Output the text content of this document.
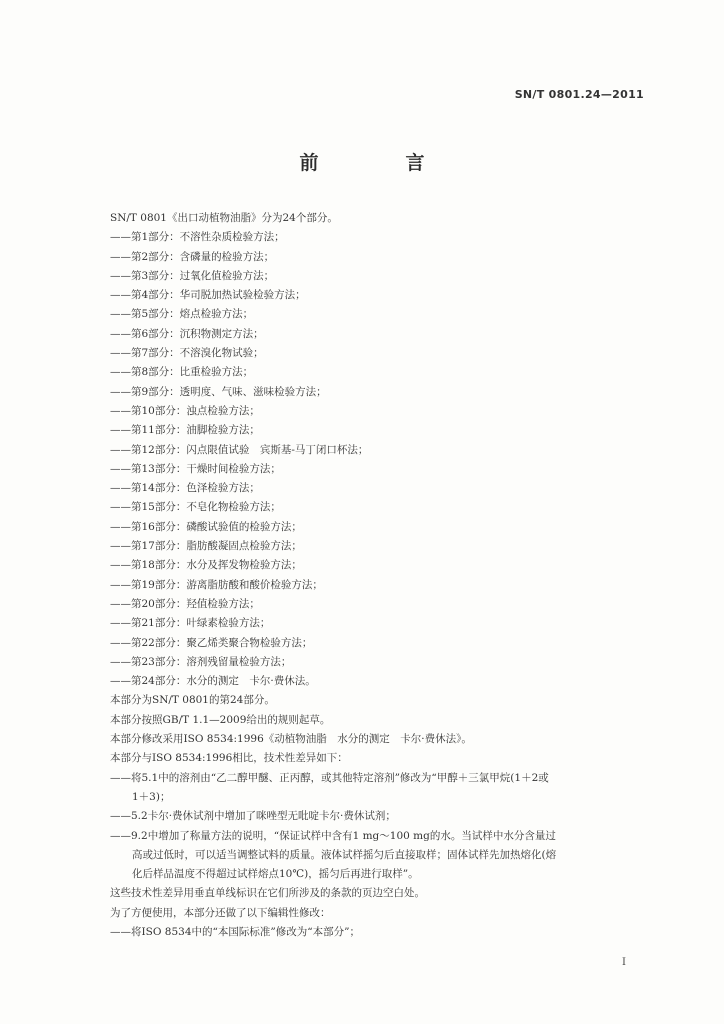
SN/T 0801.24—2011
前　言
SN/T 0801《出口动植物油脂》分为24个部分。
——第1部分：不溶性杂质检验方法；
——第2部分：含磷量的检验方法；
——第3部分：过氧化值检验方法；
——第4部分：华司脱加热试验检验方法；
——第5部分：熔点检验方法；
——第6部分：沉积物测定方法；
——第7部分：不溶溴化物试验；
——第8部分：比重检验方法；
——第9部分：透明度、气味、滋味检验方法；
——第10部分：浊点检验方法；
——第11部分：油脚检验方法；
——第12部分：闪点限值试验　宾斯基-马丁闭口杯法；
——第13部分：干燥时间检验方法；
——第14部分：色泽检验方法；
——第15部分：不皂化物检验方法；
——第16部分：磷酸试验值的检验方法；
——第17部分：脂肪酸凝固点检验方法；
——第18部分：水分及挥发物检验方法；
——第19部分：游离脂肪酸和酸价检验方法；
——第20部分：羟值检验方法；
——第21部分：叶绿素检验方法；
——第22部分：聚乙烯类聚合物检验方法；
——第23部分：溶剂残留量检验方法；
——第24部分：水分的测定　卡尔·费休法。
本部分为SN/T 0801的第24部分。
本部分按照GB/T 1.1—2009给出的规则起草。
本部分修改采用ISO 8534:1996《动植物油脂　水分的测定　卡尔·费休法》。
本部分与ISO 8534:1996相比，技术性差异如下：
——将5.1中的溶剂由“乙二醇甲醚、正丙醇，或其他特定溶剂”修改为“甲醇＋三氯甲烷(1＋2或
1＋3)；
——5.2卡尔·费休试剂中增加了咪唑型无吡啶卡尔·费休试剂；
——9.2中增加了称量方法的说明，“保证试样中含有1 mg～100 mg的水。当试样中水分含量过
高或过低时，可以适当调整试料的质量。液体试样摇匀后直接取样；固体试样先加热熔化(熔
化后样品温度不得超过试样熔点10℃)，摇匀后再进行取样”。
这些技术性差异用垂直单线标识在它们所涉及的条款的页边空白处。
为了方便使用，本部分还做了以下编辑性修改：
——将ISO 8534中的“本国际标准”修改为“本部分”；
I
